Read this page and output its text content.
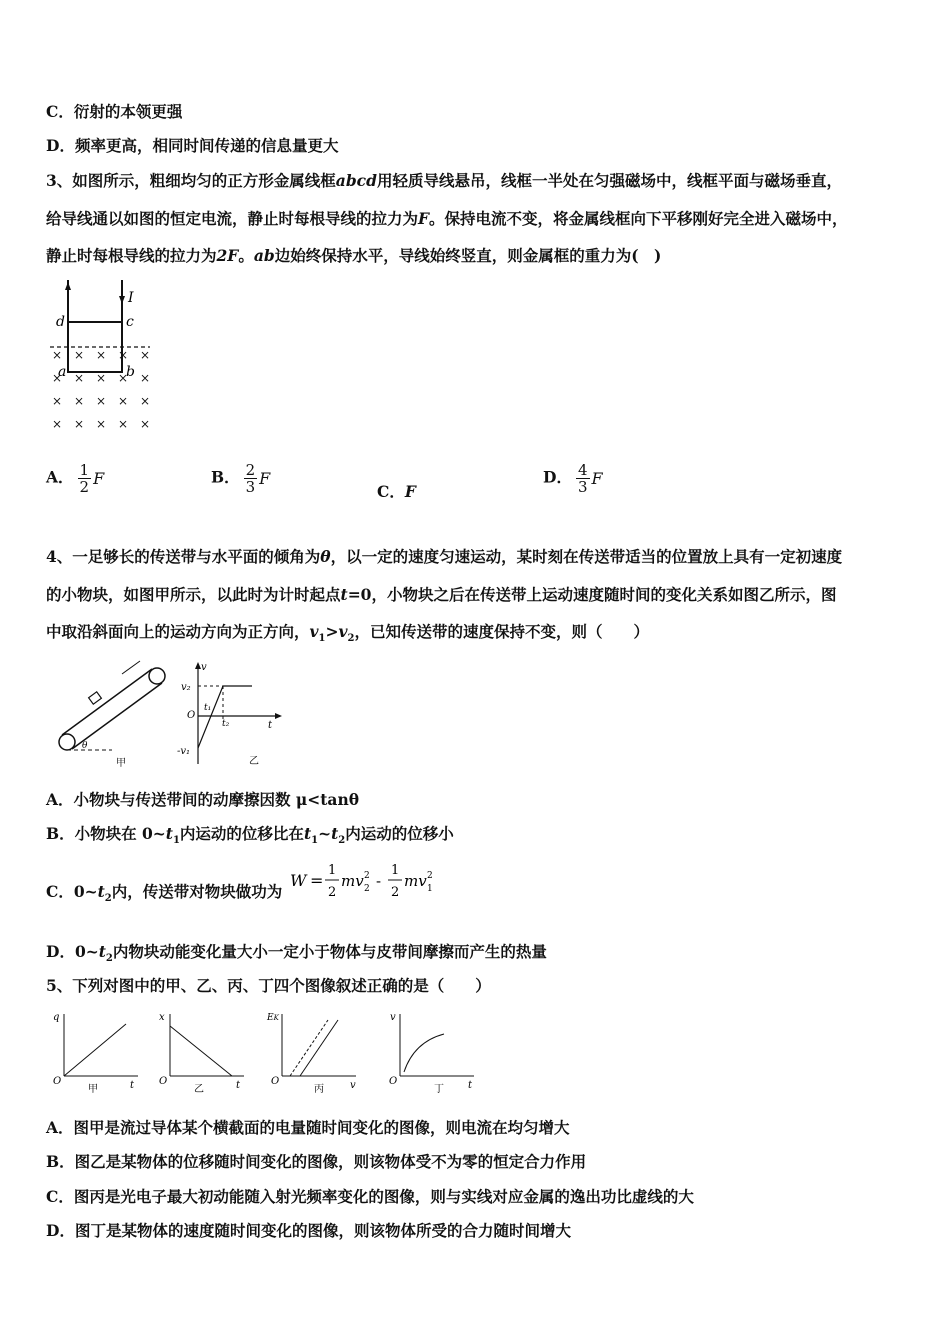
C．衍射的本领更强
D．频率更高，相同时间传递的信息量更大
3、如图所示，粗细均匀的正方形金属线框abcd用轻质导线悬吊，线框一半处在匀强磁场中，线框平面与磁场垂直，
给导线通以如图的恒定电流，静止时每根导线的拉力为F。保持电流不变，将金属线框向下平移刚好完全进入磁场中，
静止时每根导线的拉力为2F。ab边始终保持水平，导线始终竖直，则金属框的重力为(　)
d	c
I
a	b
× × × × ×
× × × × ×
× × × × ×
× × × × ×
A． $\frac{1}{2}$ F	B． $\frac{2}{3}$ F
C．F
D． $\frac{4}{3}$ F
4、一足够长的传送带与水平面的倾角为θ，以一定的速度匀速运动，某时刻在传送带适当的位置放上具有一定初速度
的小物块，如图甲所示，以此时为计时起点t=0，小物块之后在传送带上运动速度随时间的变化关系如图乙所示，图
中取沿斜面向上的运动方向为正方向，$v_1>v_2$，已知传送带的速度保持不变，则（　　）
θ
甲
v
v₂
t₁
t₂
O
t
-v₁
乙
A．小物块与传送带间的动摩擦因数 μ<tanθ
B．小物块在 $0\sim t_1$内运动的位移比在$t_1\sim t_2$内运动的位移小
C．$0\sim t_2$内，传送带对物块做功为
W =
1
2
mv 2
2 -
1
2
mv 2
1
D．$0\sim t_2$内物块动能变化量大小一定小于物体与皮带间摩擦而产生的热量
5、下列对图中的甲、乙、丙、丁四个图像叙述正确的是（　　）
q
O	t
甲
x
O	t
乙
EK
O	v
丙
v
O	t
丁
A．图甲是流过导体某个横截面的电量随时间变化的图像，则电流在均匀增大
B．图乙是某物体的位移随时间变化的图像，则该物体受不为零的恒定合力作用
C．图丙是光电子最大初动能随入射光频率变化的图像，则与实线对应金属的逸出功比虚线的大
D．图丁是某物体的速度随时间变化的图像，则该物体所受的合力随时间增大
